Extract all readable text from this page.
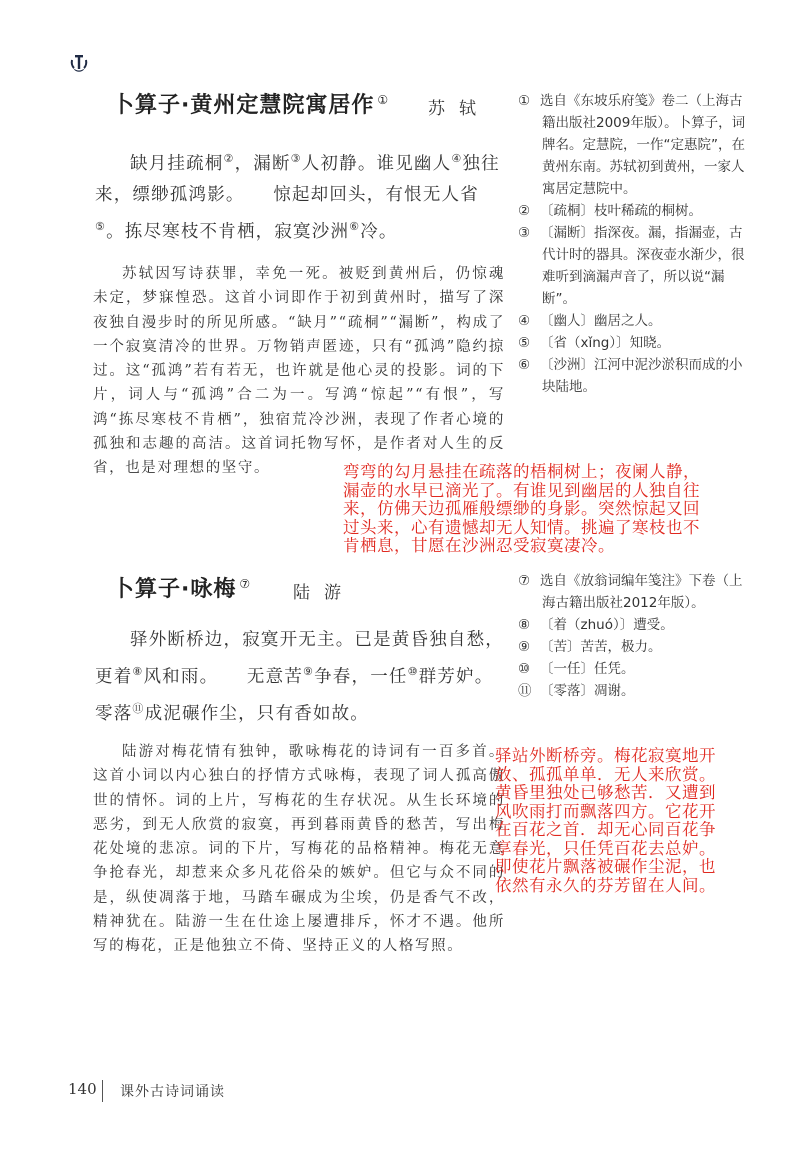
卜算子·黄州定慧院寓居作 ① 苏轼
缺月挂疏桐②，漏断③人初静。谁见幽人④独往来，缥缈孤鸿影。　　惊起却回头，有恨无人省⑤。拣尽寒枝不肯栖，寂寞沙洲⑥冷。
苏轼因写诗获罪，幸免一死。被贬到黄州后，仍惊魂未定，梦寐惶恐。这首小词即作于初到黄州时，描写了深夜独自漫步时的所见所感。“缺月”“疏桐”“漏断”，构成了一个寂寞清冷的世界。万物销声匿迹，只有“孤鸿”隐约掠过。这“孤鸿”若有若无，也许就是他心灵的投影。词的下片，词人与“孤鸿”合二为一。写鸿“惊起”“有恨”，写鸿“拣尽寒枝不肯栖”，独宿荒冷沙洲，表现了作者心境的孤独和志趣的高洁。这首词托物写怀，是作者对人生的反省，也是对理想的坚守。

① 选自《东坡乐府笺》卷二（上海古籍出版社2009年版）。卜算子，词牌名。定慧院，一作“定惠院”，在黄州东南。苏轼初到黄州，一家人寓居定慧院中。

② 〔疏桐〕枝叶稀疏的桐树。

③ 〔漏断〕指深夜。漏，指漏壶，古代计时的器具。深夜壶水渐少，很难听到滴漏声音了，所以说“漏断”。

④ 〔幽人〕幽居之人。

⑤ 〔省（xǐng）〕知晓。

⑥ 〔沙洲〕江河中泥沙淤积而成的小块陆地。

弯弯的勾月悬挂在疏落的梧桐树上；夜阑人静，
漏壶的水早已滴光了。有谁见到幽居的人独自往
来，仿佛天边孤雁般缥缈的身影。突然惊起又回
过头来，心有遗憾却无人知情。挑遍了寒枝也不
肯栖息，甘愿在沙洲忍受寂寞凄冷。
卜算子·咏梅 ⑦ 陆游
驿外断桥边，寂寞开无主。已是黄昏独自愁，更着⑧风和雨。　　无意苦⑨争春，一任⑩群芳妒。零落⑪成泥碾作尘，只有香如故。
陆游对梅花情有独钟，歌咏梅花的诗词有一百多首。这首小词以内心独白的抒情方式咏梅，表现了词人孤高傲世的情怀。词的上片，写梅花的生存状况。从生长环境的恶劣，到无人欣赏的寂寞，再到暮雨黄昏的愁苦，写出梅花处境的悲凉。词的下片，写梅花的品格精神。梅花无意争抢春光，却惹来众多凡花俗朵的嫉妒。但它与众不同的是，纵使凋落于地，马踏车碾成为尘埃，仍是香气不改，精神犹在。陆游一生在仕途上屡遭排斥，怀才不遇。他所写的梅花，正是他独立不倚、坚持正义的人格写照。

⑦ 选自《放翁词编年笺注》下卷（上海古籍出版社2012年版）。

⑧ 〔着（zhuó）〕遭受。

⑨ 〔苦〕苦苦，极力。

⑩ 〔一任〕任凭。

⑪ 〔零落〕凋谢。

驿站外断桥旁。梅花寂寞地开
放、孤孤单单．无人来欣赏。
黄昏里独处已够愁苦．又遭到
风吹雨打而飘落四方。它花开
在百花之首．却无心同百花争
享春光，只任凭百花去总妒。
即使花片飘落被碾作尘泥，也
依然有永久的芬芳留在人间。
140 课外古诗词诵读
